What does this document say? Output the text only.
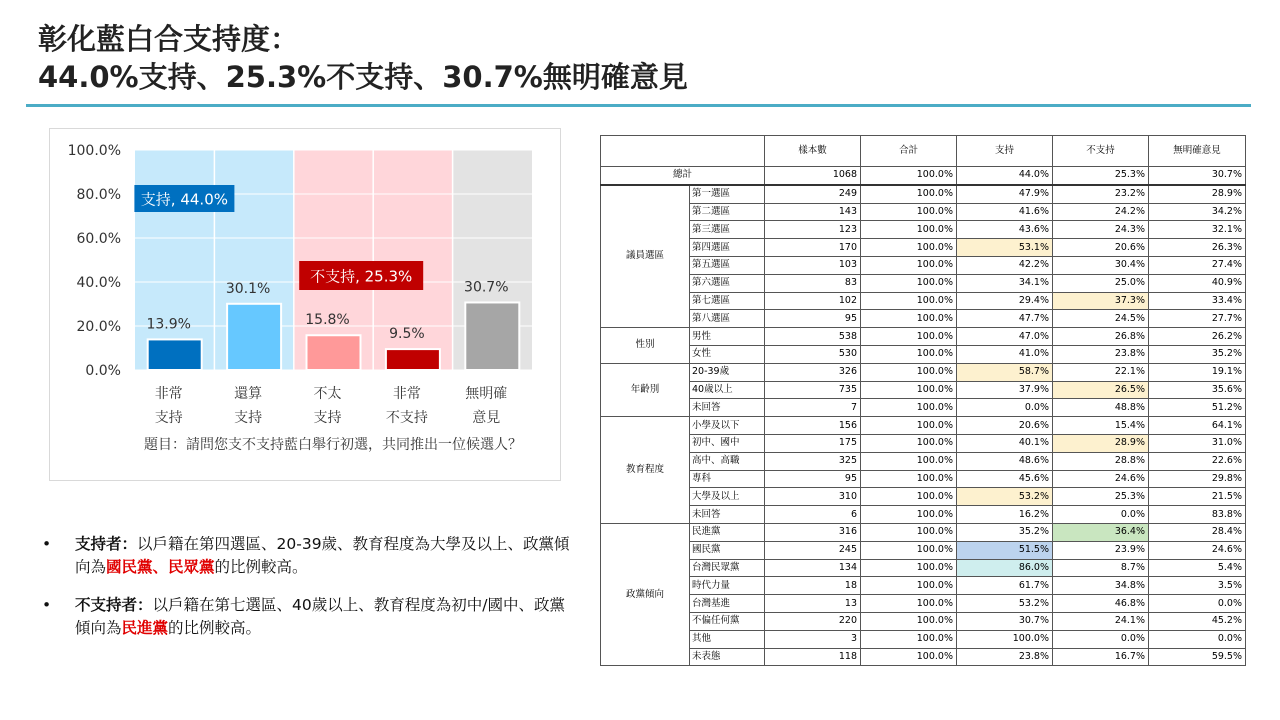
彰化藍白合支持度：
44.0%支持、25.3%不支持、30.7%無明確意見
100.0%
80.0%
60.0%
40.0%
20.0%
0.0%
13.9%
非常
支持
30.1%
還算
支持
15.8%
不太
支持
9.5%
非常
不支持
30.7%
無明確
意見
支持, 44.0%
不支持, 25.3%
題目：請問您支不支持藍白舉行初選，共同推出一位候選人？
• 支持者：以戶籍在第四選區、20-39歲、教育程度為大學及以上、政黨傾向為國民黨、民眾黨的比例較高。
• 不支持者：以戶籍在第七選區、40歲以上、教育程度為初中/國中、政黨傾向為民進黨的比例較高。
		樣本數	合計	支持	不支持	無明確意見
總計		1068	100.0%	44.0%	25.3%	30.7%
議員選區	第一選區	249	100.0%	47.9%	23.2%	28.9%
	第二選區	143	100.0%	41.6%	24.2%	34.2%
	第三選區	123	100.0%	43.6%	24.3%	32.1%
	第四選區	170	100.0%	53.1%	20.6%	26.3%
	第五選區	103	100.0%	42.2%	30.4%	27.4%
	第六選區	83	100.0%	34.1%	25.0%	40.9%
	第七選區	102	100.0%	29.4%	37.3%	33.4%
	第八選區	95	100.0%	47.7%	24.5%	27.7%
性別	男性	538	100.0%	47.0%	26.8%	26.2%
	女性	530	100.0%	41.0%	23.8%	35.2%
年齡別	20-39歲	326	100.0%	58.7%	22.1%	19.1%
	40歲以上	735	100.0%	37.9%	26.5%	35.6%
	未回答	7	100.0%	0.0%	48.8%	51.2%
教育程度	小學及以下	156	100.0%	20.6%	15.4%	64.1%
	初中、國中	175	100.0%	40.1%	28.9%	31.0%
	高中、高職	325	100.0%	48.6%	28.8%	22.6%
	專科	95	100.0%	45.6%	24.6%	29.8%
	大學及以上	310	100.0%	53.2%	25.3%	21.5%
	未回答	6	100.0%	16.2%	0.0%	83.8%
政黨傾向	民進黨	316	100.0%	35.2%	36.4%	28.4%
	國民黨	245	100.0%	51.5%	23.9%	24.6%
	台灣民眾黨	134	100.0%	86.0%	8.7%	5.4%
	時代力量	18	100.0%	61.7%	34.8%	3.5%
	台灣基進	13	100.0%	53.2%	46.8%	0.0%
	不偏任何黨	220	100.0%	30.7%	24.1%	45.2%
	其他	3	100.0%	100.0%	0.0%	0.0%
	未表態	118	100.0%	23.8%	16.7%	59.5%
